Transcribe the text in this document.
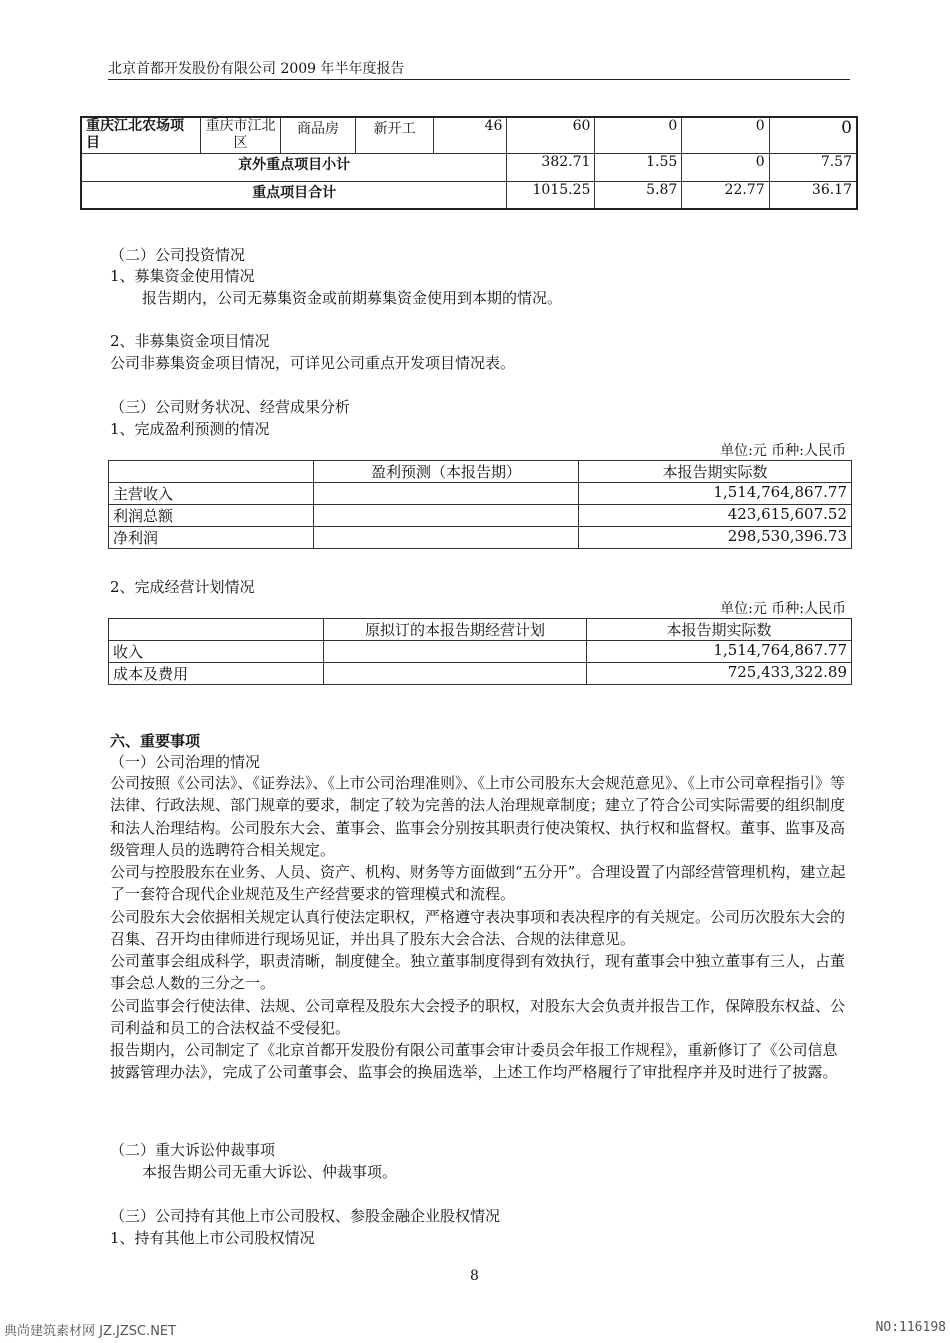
北京首都开发股份有限公司 2009 年半年度报告
重庆江北农场项目	重庆市江北区	商品房	新开工	46	60	0	0	0
京外重点项目小计					382.71	1.55	0	7.57
重点项目合计					1015.25	5.87	22.77	36.17
（二）公司投资情况
1、募集资金使用情况
报告期内，公司无募集资金或前期募集资金使用到本期的情况。
2、非募集资金项目情况
公司非募集资金项目情况，可详见公司重点开发项目情况表。
（三）公司财务状况、经营成果分析
1、完成盈利预测的情况
单位:元 币种:人民币
	盈利预测（本报告期）	本报告期实际数
主营收入		1,514,764,867.77
利润总额		423,615,607.52
净利润		298,530,396.73
2、完成经营计划情况
单位:元 币种:人民币
	原拟订的本报告期经营计划	本报告期实际数
收入		1,514,764,867.77
成本及费用		725,433,322.89
六、重要事项
（一）公司治理的情况
公司按照《公司法》、《证券法》、《上市公司治理准则》、《上市公司股东大会规范意见》、《上市公司章程指引》等法律、行政法规、部门规章的要求，制定了较为完善的法人治理规章制度；建立了符合公司实际需要的组织制度和法人治理结构。公司股东大会、董事会、监事会分别按其职责行使决策权、执行权和监督权。董事、监事及高级管理人员的选聘符合相关规定。
公司与控股股东在业务、人员、资产、机构、财务等方面做到“五分开”。合理设置了内部经营管理机构，建立起了一套符合现代企业规范及生产经营要求的管理模式和流程。
公司股东大会依据相关规定认真行使法定职权，严格遵守表决事项和表决程序的有关规定。公司历次股东大会的召集、召开均由律师进行现场见证，并出具了股东大会合法、合规的法律意见。
公司董事会组成科学，职责清晰，制度健全。独立董事制度得到有效执行，现有董事会中独立董事有三人，占董事会总人数的三分之一。
公司监事会行使法律、法规、公司章程及股东大会授予的职权，对股东大会负责并报告工作，保障股东权益、公司利益和员工的合法权益不受侵犯。
报告期内，公司制定了《北京首都开发股份有限公司董事会审计委员会年报工作规程》，重新修订了《公司信息披露管理办法》，完成了公司董事会、监事会的换届选举，上述工作均严格履行了审批程序并及时进行了披露。
（二）重大诉讼仲裁事项
本报告期公司无重大诉讼、仲裁事项。
（三）公司持有其他上市公司股权、参股金融企业股权情况
1、持有其他上市公司股权情况
8
典尚建筑素材网 JZ.JZSC.NET	NO:116198
